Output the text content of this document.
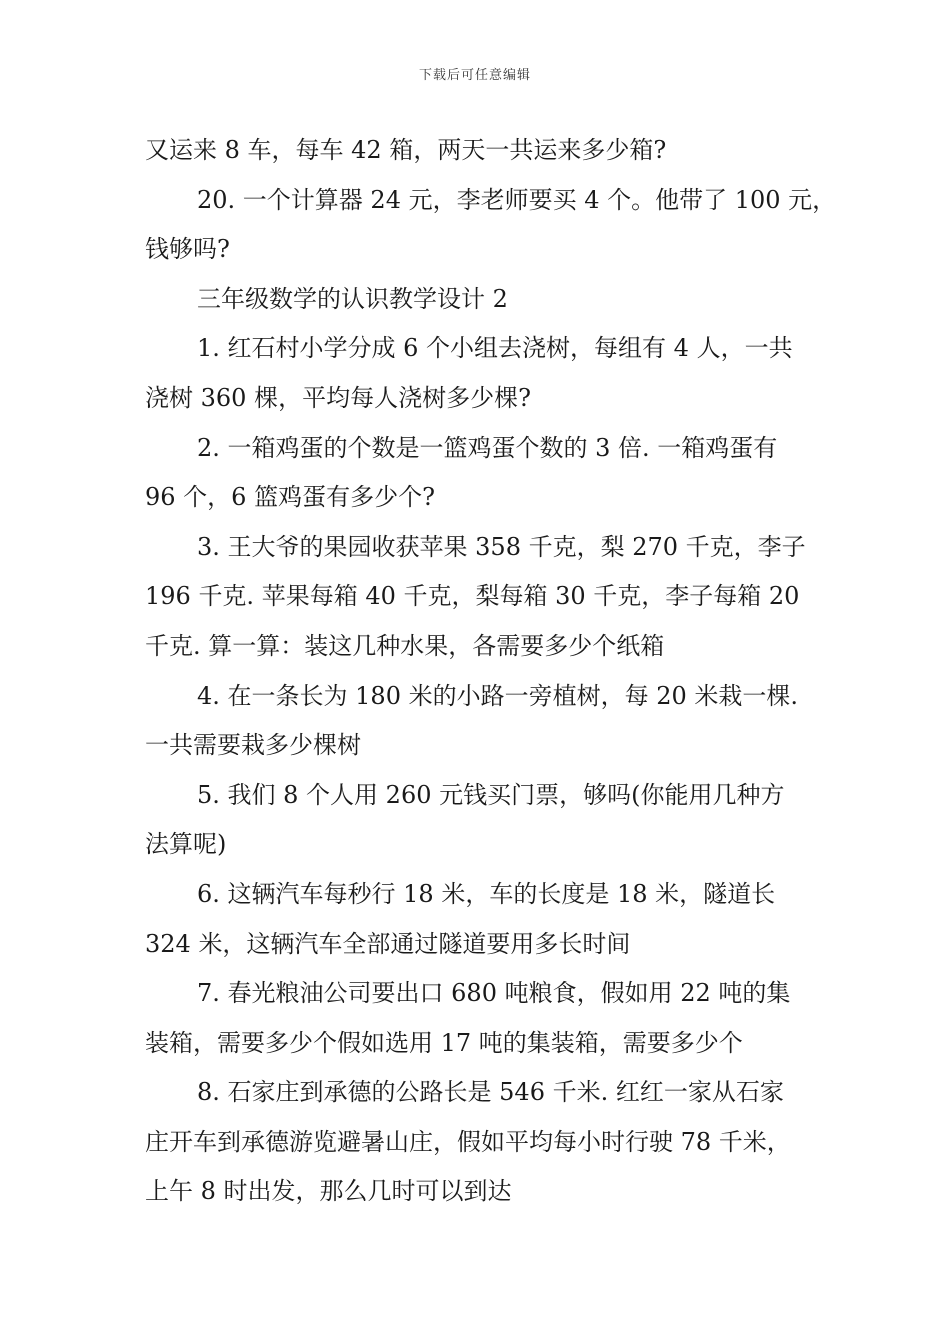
下载后可任意编辑
又运来 8 车，每车 42 箱，两天一共运来多少箱?
20. 一个计算器 24 元，李老师要买 4 个。他带了 100 元，
钱够吗?
三年级数学的认识教学设计 2
1. 红石村小学分成 6 个小组去浇树，每组有 4 人，一共
浇树 360 棵，平均每人浇树多少棵?
2. 一箱鸡蛋的个数是一篮鸡蛋个数的 3 倍. 一箱鸡蛋有
96 个，6 篮鸡蛋有多少个?
3. 王大爷的果园收获苹果 358 千克，梨 270 千克，李子
196 千克. 苹果每箱 40 千克，梨每箱 30 千克，李子每箱 20
千克. 算一算：装这几种水果，各需要多少个纸箱
4. 在一条长为 180 米的小路一旁植树，每 20 米栽一棵.
一共需要栽多少棵树
5. 我们 8 个人用 260 元钱买门票，够吗(你能用几种方
法算呢)
6. 这辆汽车每秒行 18 米，车的长度是 18 米，隧道长
324 米，这辆汽车全部通过隧道要用多长时间
7. 春光粮油公司要出口 680 吨粮食，假如用 22 吨的集
装箱，需要多少个假如选用 17 吨的集装箱，需要多少个
8. 石家庄到承德的公路长是 546 千米. 红红一家从石家
庄开车到承德游览避暑山庄，假如平均每小时行驶 78 千米，
上午 8 时出发，那么几时可以到达
